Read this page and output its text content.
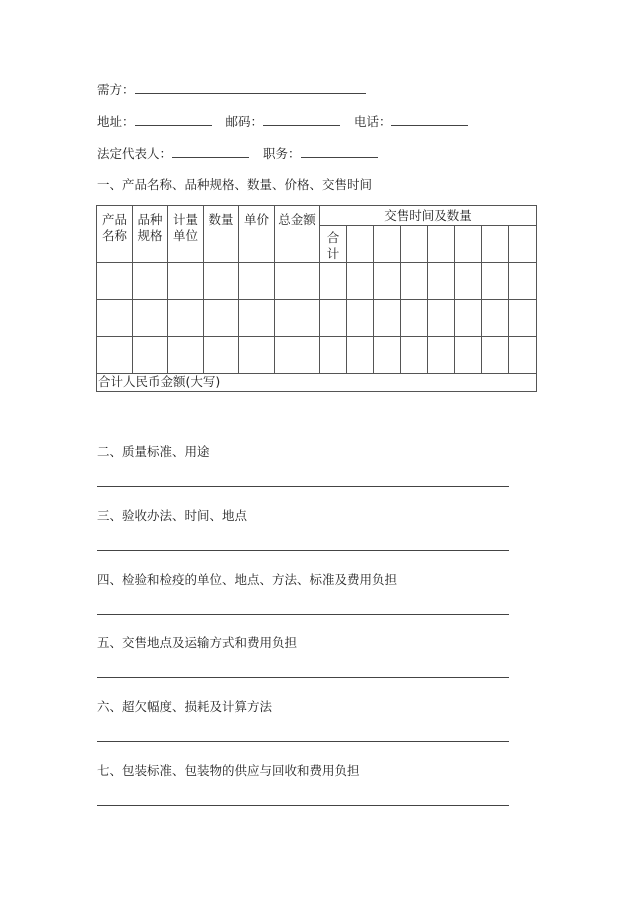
需方：
地址：	邮码：	电话：
法定代表人：	职务：
一、产品名称、品种规格、数量、价格、交售时间
产品名称	品种规格	计量单位	数量	单价	总金额	交售时间及数量							

						合计							

合计人民币金额(大写)													
二、质量标准、用途
三、验收办法、时间、地点
四、检验和检疫的单位、地点、方法、标准及费用负担
五、交售地点及运输方式和费用负担
六、超欠幅度、损耗及计算方法
七、包装标准、包装物的供应与回收和费用负担
